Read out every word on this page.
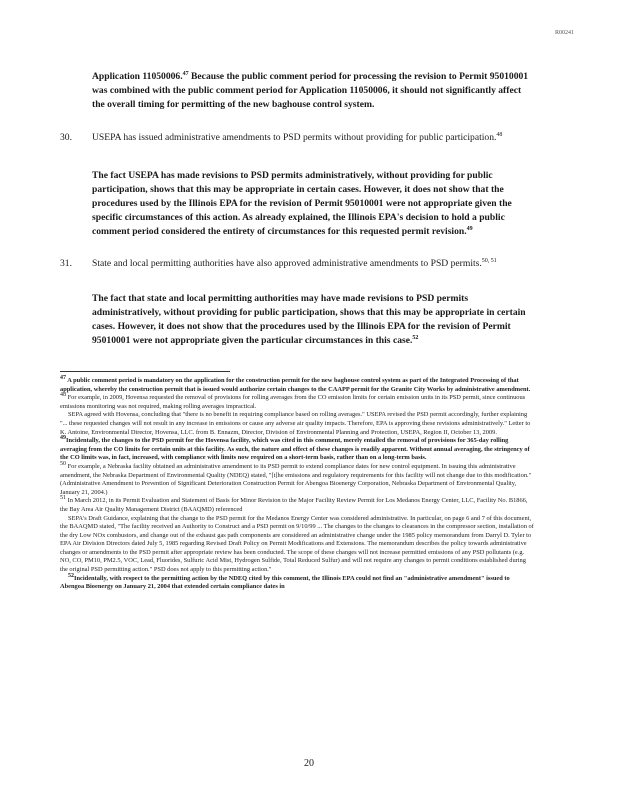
R00241
Application 11050006.47 Because the public comment period for processing the revision to Permit 95010001 was combined with the public comment period for Application 11050006, it should not significantly affect the overall timing for permitting of the new baghouse control system.
30.	USEPA has issued administrative amendments to PSD permits without providing for public participation.$^{48}$
The fact USEPA has made revisions to PSD permits administratively, without providing for public participation, shows that this may be appropriate in certain cases. However, it does not show that the procedures used by the Illinois EPA for the revision of Permit 95010001 were not appropriate given the specific circumstances of this action. As already explained, the Illinois EPA's decision to hold a public comment period considered the entirety of circumstances for this requested permit revision.$^{49}$
31.	State and local permitting authorities have also approved administrative amendments to PSD permits.$^{50, 51}$
The fact that state and local permitting authorities may have made revisions to PSD permits administratively, without providing for public participation, shows that this may be appropriate in certain cases. However, it does not show that the procedures used by the Illinois EPA for the revision of Permit 95010001 were not appropriate given the particular circumstances in this case.$^{52}$

$^{47}$ A public comment period is mandatory on the application for the construction permit for the new baghouse control system as part of the Integrated Processing of that application, whereby the construction permit that is issued would authorize certain changes to the CAAPP permit for the Granite City Works by administrative amendment.

$^{48}$ For example, in 2009, Hovensa requested the removal of provisions for rolling averages from the CO emission limits for certain emission units in its PSD permit, since continuous emissions monitoring was not required, making rolling averages impractical.

SEPA agreed with Hovensa, concluding that "there is no benefit in requiring compliance based on rolling averages." USEPA revised the PSD permit accordingly, further explaining "... these requested changes will not result in any increase in emissions or cause any adverse air quality impacts. Therefore, EPA is approving these revisions administratively." Letter to K. Antoine, Environmental Director, Hovensa, LLC. from B. Ennazm, Director, Division of Environmental Planning and Protection, USEPA, Region II, October 13, 2009.

$^{49}$Incidentally, the changes to the PSD permit for the Hovensa facility, which was cited in this comment, merely entailed the removal of provisions for 365-day rolling averaging from the CO limits for certain units at this facility. As such, the nature and effect of these changes is readily apparent. Without annual averaging, the stringency of the CO limits was, in fact, increased, with compliance with limits now required on a short-term basis, rather than on a long-term basis.

$^{50}$ For example, a Nebraska facility obtained an administrative amendment to its PSD permit to extend compliance dates for new control equipment. In issuing this administrative amendment, the Nebraska Department of Environmental Quality (NDEQ) stated, "[t]he emissions and regulatory requirements for this facility will not change due to this modification." (Administrative Amendment to Prevention of Significant Deterioration Construction Permit for Abengoa Bioenergy Corporation, Nebraska Department of Environmental Quality, January 21, 2004.)

$^{51}$ In March 2012, in its Permit Evaluation and Statement of Basis for Minor Revision to the Major Facility Review Permit for Los Medanos Energy Center, LLC, Facility No. B1866, the Bay Area Air Quality Management District (BAAQMD) referenced

SEPA's Draft Guidance, explaining that the change to the PSD permit for the Medanos Energy Center was considered administrative. In particular, on page 6 and 7 of this document, the BAAQMD stated, "The facility received an Authority to Construct and a PSD permit on 9/10/99 ... The changes to the changes to clearances in the compressor section, installation of the dry Low NOx combustors, and change out of the exhaust gas path components are considered an administrative change under the 1985 policy memorandum from Darryl D. Tyler to EPA Air Division Directors dated July 5, 1985 regarding Revised Draft Policy on Permit Modifications and Extensions. The memorandum describes the policy towards administrative changes or amendments to the PSD permit after appropriate review has been conducted. The scope of these changes will not increase permitted emissions of any PSD pollutants (e.g. NO, CO, PM10, PM2.5, VOC, Lead, Fluorides, Sulfuric Acid Mist, Hydrogen Sulfide, Total Reduced Sulfur) and will not require any changes to permit conditions established during the original PSD permitting action." PSD does not apply to this permitting action."

$^{52}$Incidentally, with respect to the permitting action by the NDEQ cited by this comment, the Illinois EPA could not find an "administrative amendment" issued to Abengoa Bioenergy on January 21, 2004 that extended certain compliance dates in

20
